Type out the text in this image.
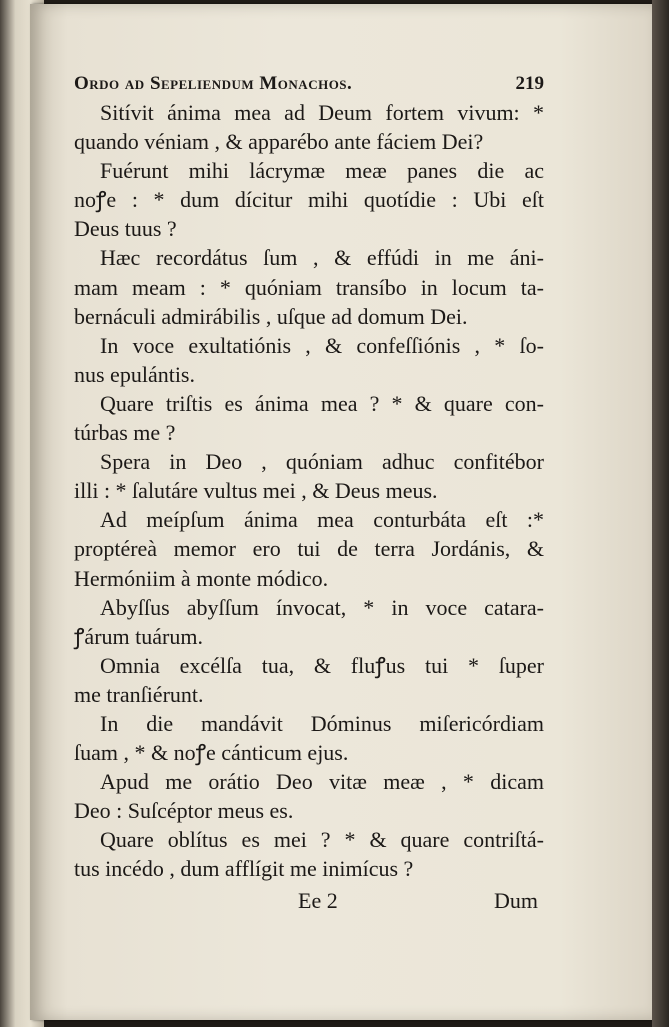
Ordo ad Sepeliendum Monachos.	219
Sitívit ánima mea ad Deum fortem vivum: *
quando véniam , & apparébo ante fáciem Dei?
Fuérunt mihi lácrymæ meæ panes die ac
noꝭe : * dum dícitur mihi quotídie : Ubi eſt
Deus tuus ?
Hæc recordátus ſum , & effúdi in me áni-
mam meam : * quóniam transíbo in locum ta-
bernáculi admirábilis , uſque ad domum Dei.
In voce exultatiónis , & confeſſiónis , * ſo-
nus epulántis.
Quare triſtis es ánima mea ? * & quare con-
túrbas me ?
Spera in Deo , quóniam adhuc confitébor
illi : * ſalutáre vultus mei , & Deus meus.
Ad meípſum ánima mea conturbáta eſt :*
proptéreà memor ero tui de terra Jordánis, &
Hermóniim à monte módico.
Abyſſus abyſſum ínvocat, * in voce catara-
ꝭárum tuárum.
Omnia excélſa tua, & fluꝭus tui * ſuper
me tranſiérunt.
In die mandávit Dóminus miſericórdiam
ſuam , * & noꝭe cánticum ejus.
Apud me orátio Deo vitæ meæ , * dicam
Deo : Suſcéptor meus es.
Quare oblítus es mei ? * & quare contriſtá-
tus incédo , dum afflígit me inimícus ?
Ee 2	Dum
